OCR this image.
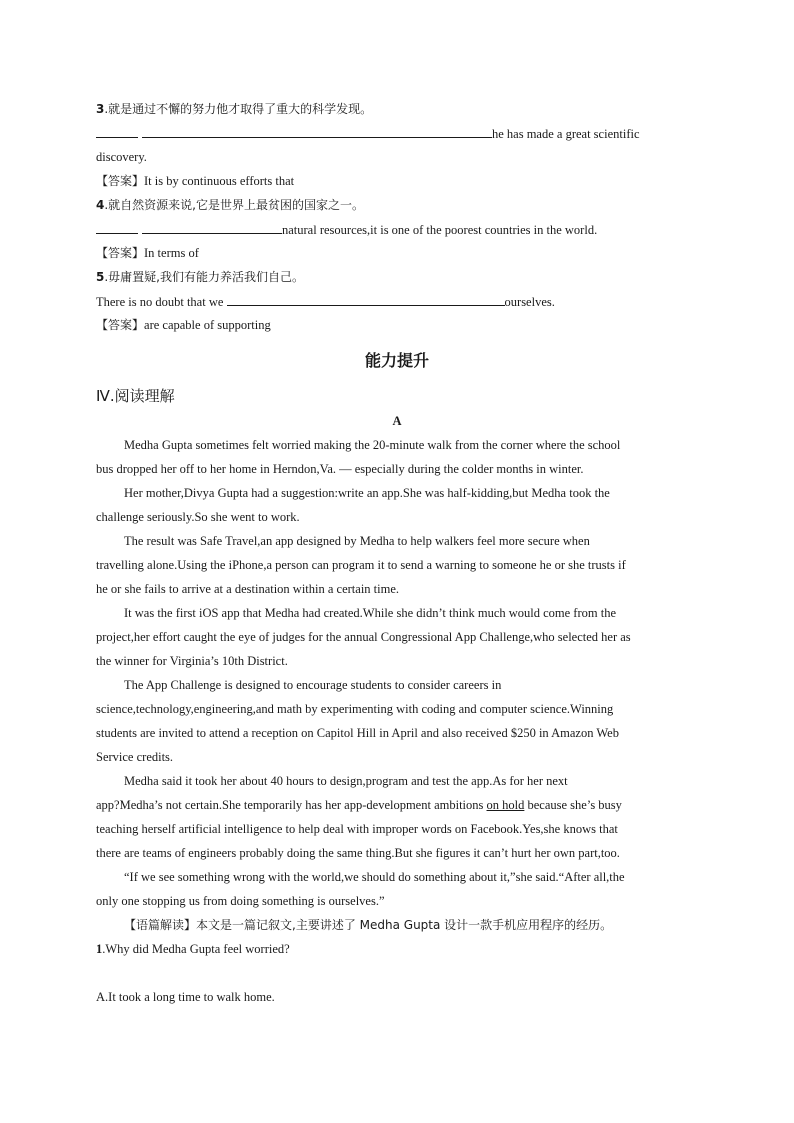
3.就是通过不懈的努力他才取得了重大的科学发现。
he has made a great scientific
discovery.
【答案】It is by continuous efforts that
4.就自然资源来说,它是世界上最贫困的国家之一。
natural resources,it is one of the poorest countries in the world.
【答案】In terms of
5.毋庸置疑,我们有能力养活我们自己。
There is no doubt that we	ourselves.
【答案】are capable of supporting
能力提升
Ⅳ.阅读理解
A
Medha Gupta sometimes felt worried making the 20-minute walk from the corner where the school
bus dropped her off to her home in Herndon,Va. — especially during the colder months in winter.
Her mother,Divya Gupta had a suggestion:write an app.She was half-kidding,but Medha took the
challenge seriously.So she went to work.
The result was Safe Travel,an app designed by Medha to help walkers feel more secure when
travelling alone.Using the iPhone,a person can program it to send a warning to someone he or she trusts if
he or she fails to arrive at a destination within a certain time.
It was the first iOS app that Medha had created.While she didn’t think much would come from the
project,her effort caught the eye of judges for the annual Congressional App Challenge,who selected her as
the winner for Virginia’s 10th District.
The App Challenge is designed to encourage students to consider careers in
science,technology,engineering,and math by experimenting with coding and computer science.Winning
students are invited to attend a reception on Capitol Hill in April and also received $250 in Amazon Web
Service credits.
Medha said it took her about 40 hours to design,program and test the app.As for her next
app?Medha’s not certain.She temporarily has her app-development ambitions on hold because she’s busy
teaching herself artificial intelligence to help deal with improper words on Facebook.Yes,she knows that
there are teams of engineers probably doing the same thing.But she figures it can’t hurt her own part,too.
“If we see something wrong with the world,we should do something about it,”she said.“After all,the
only one stopping us from doing something is ourselves.”
【语篇解读】本文是一篇记叙文,主要讲述了 Medha Gupta 设计一款手机应用程序的经历。
1.Why did Medha Gupta feel worried?
A.It took a long time to walk home.
